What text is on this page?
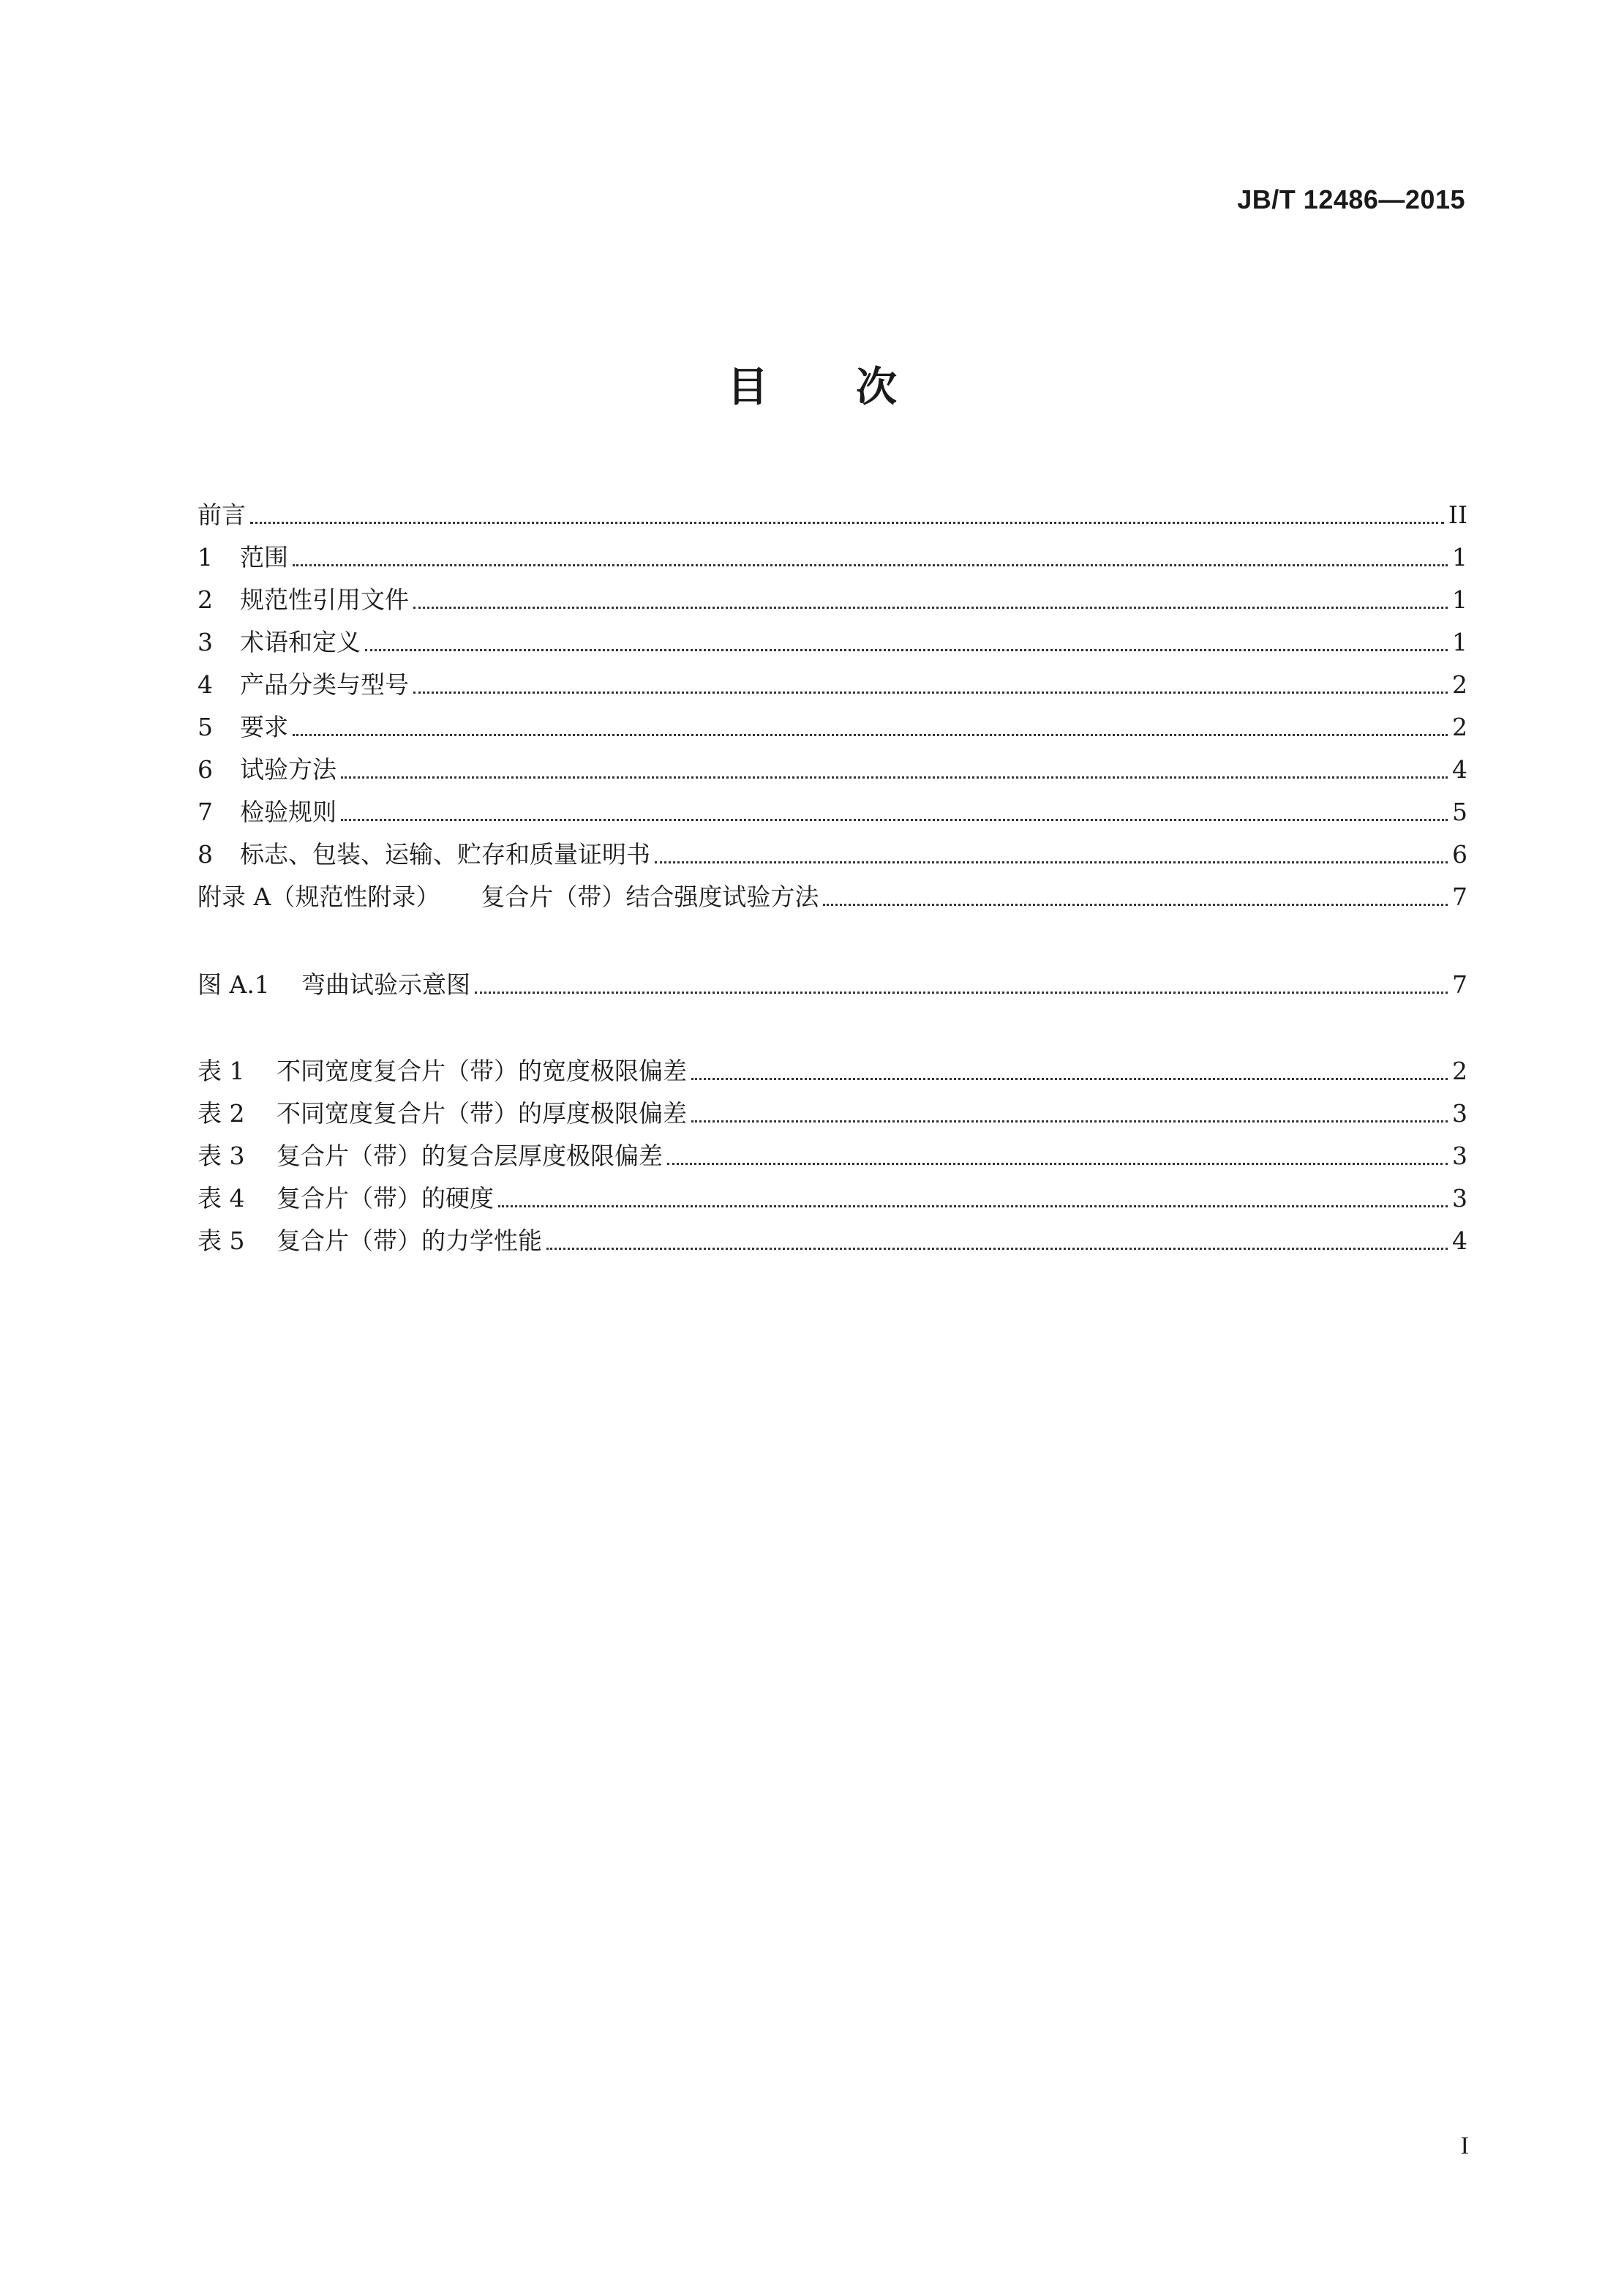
JB/T 12486—2015
目 次
前言	II
1	范围	1
2	规范性引用文件	1
3	术语和定义	1
4	产品分类与型号	2
5	要求	2
6	试验方法	4
7	检验规则	5
8	标志、包装、运输、贮存和质量证明书	6
附录 A（规范性附录） 复合片（带）结合强度试验方法	7
图 A.1	弯曲试验示意图	7
表 1	不同宽度复合片（带）的宽度极限偏差	2
表 2	不同宽度复合片（带）的厚度极限偏差	3
表 3	复合片（带）的复合层厚度极限偏差	3
表 4	复合片（带）的硬度	3
表 5	复合片（带）的力学性能	4
I
